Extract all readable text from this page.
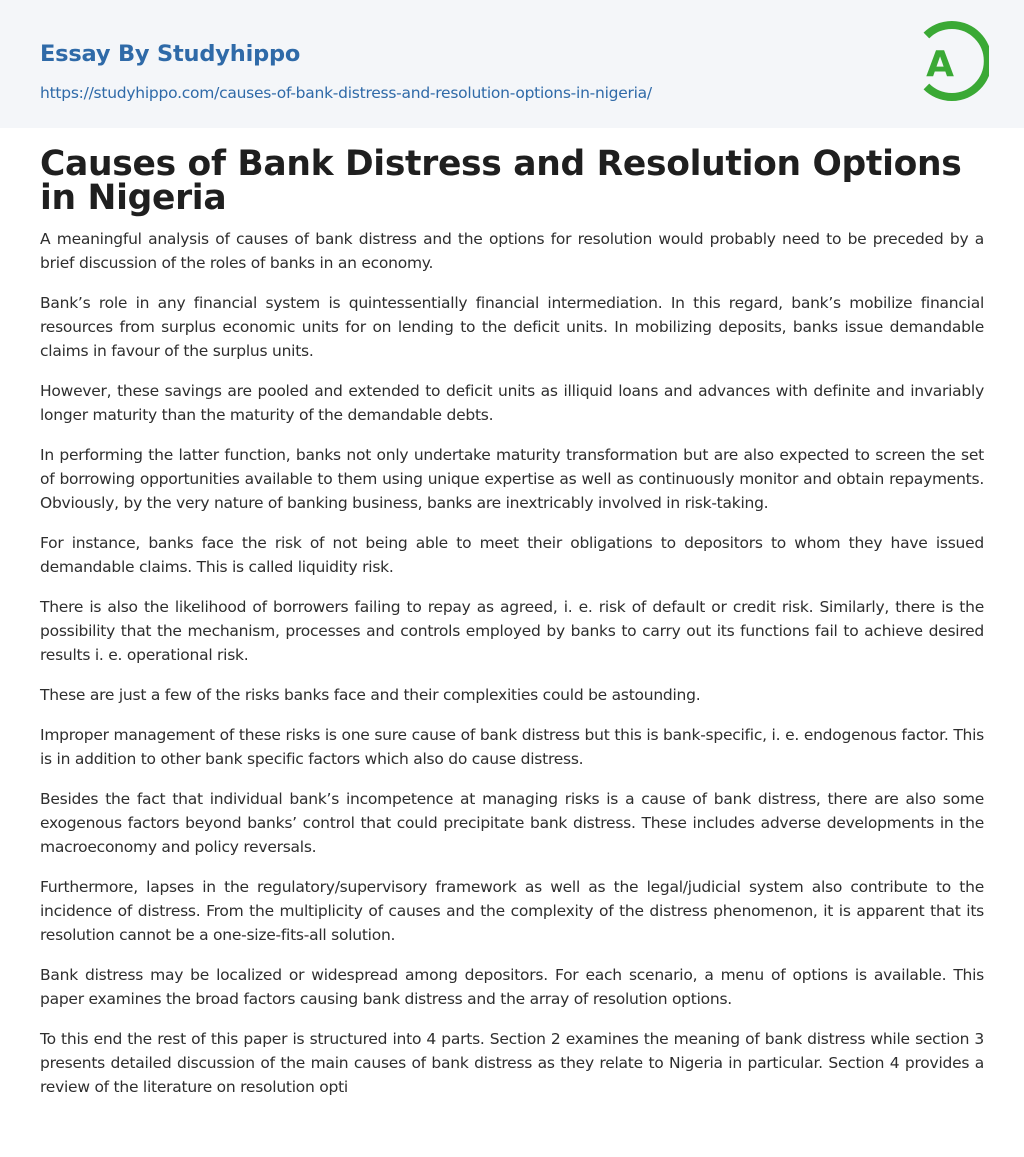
Essay By Studyhippo
https://studyhippo.com/causes-of-bank-distress-and-resolution-options-in-nigeria/
A
Causes of Bank Distress and Resolution Options in Nigeria

A meaningful analysis of causes of bank distress and the options for resolution would probably need to be preceded by a brief discussion of the roles of banks in an economy.

Bank’s role in any financial system is quintessentially financial intermediation. In this regard, bank’s mobilize financial resources from surplus economic units for on lending to the deficit units. In mobilizing deposits, banks issue demandable claims in favour of the surplus units.

However, these savings are pooled and extended to deficit units as illiquid loans and advances with definite and invariably longer maturity than the maturity of the demandable debts.

In performing the latter function, banks not only undertake maturity transformation but are also expected to screen the set of borrowing opportunities available to them using unique expertise as well as continuously monitor and obtain repayments. Obviously, by the very nature of banking business, banks are inextricably involved in risk-taking.

For instance, banks face the risk of not being able to meet their obligations to depositors to whom they have issued demandable claims. This is called liquidity risk.

There is also the likelihood of borrowers failing to repay as agreed, i. e. risk of default or credit risk. Similarly, there is the possibility that the mechanism, processes and controls employed by banks to carry out its functions fail to achieve desired results i. e. operational risk.

These are just a few of the risks banks face and their complexities could be astounding.

Improper management of these risks is one sure cause of bank distress but this is bank-specific, i. e. endogenous factor. This is in addition to other bank specific factors which also do cause distress.

Besides the fact that individual bank’s incompetence at managing risks is a cause of bank distress, there are also some exogenous factors beyond banks’ control that could precipitate bank distress. These includes adverse developments in the macroeconomy and policy reversals.

Furthermore, lapses in the regulatory/supervisory framework as well as the legal/judicial system also contribute to the incidence of distress. From the multiplicity of causes and the complexity of the distress phenomenon, it is apparent that its resolution cannot be a one-size-fits-all solution.

Bank distress may be localized or widespread among depositors. For each scenario, a menu of options is available. This paper examines the broad factors causing bank distress and the array of resolution options.

To this end the rest of this paper is structured into 4 parts. Section 2 examines the meaning of bank distress while section 3 presents detailed discussion of the main causes of bank distress as they relate to Nigeria in particular. Section 4 provides a review of the literature on resolution opti
